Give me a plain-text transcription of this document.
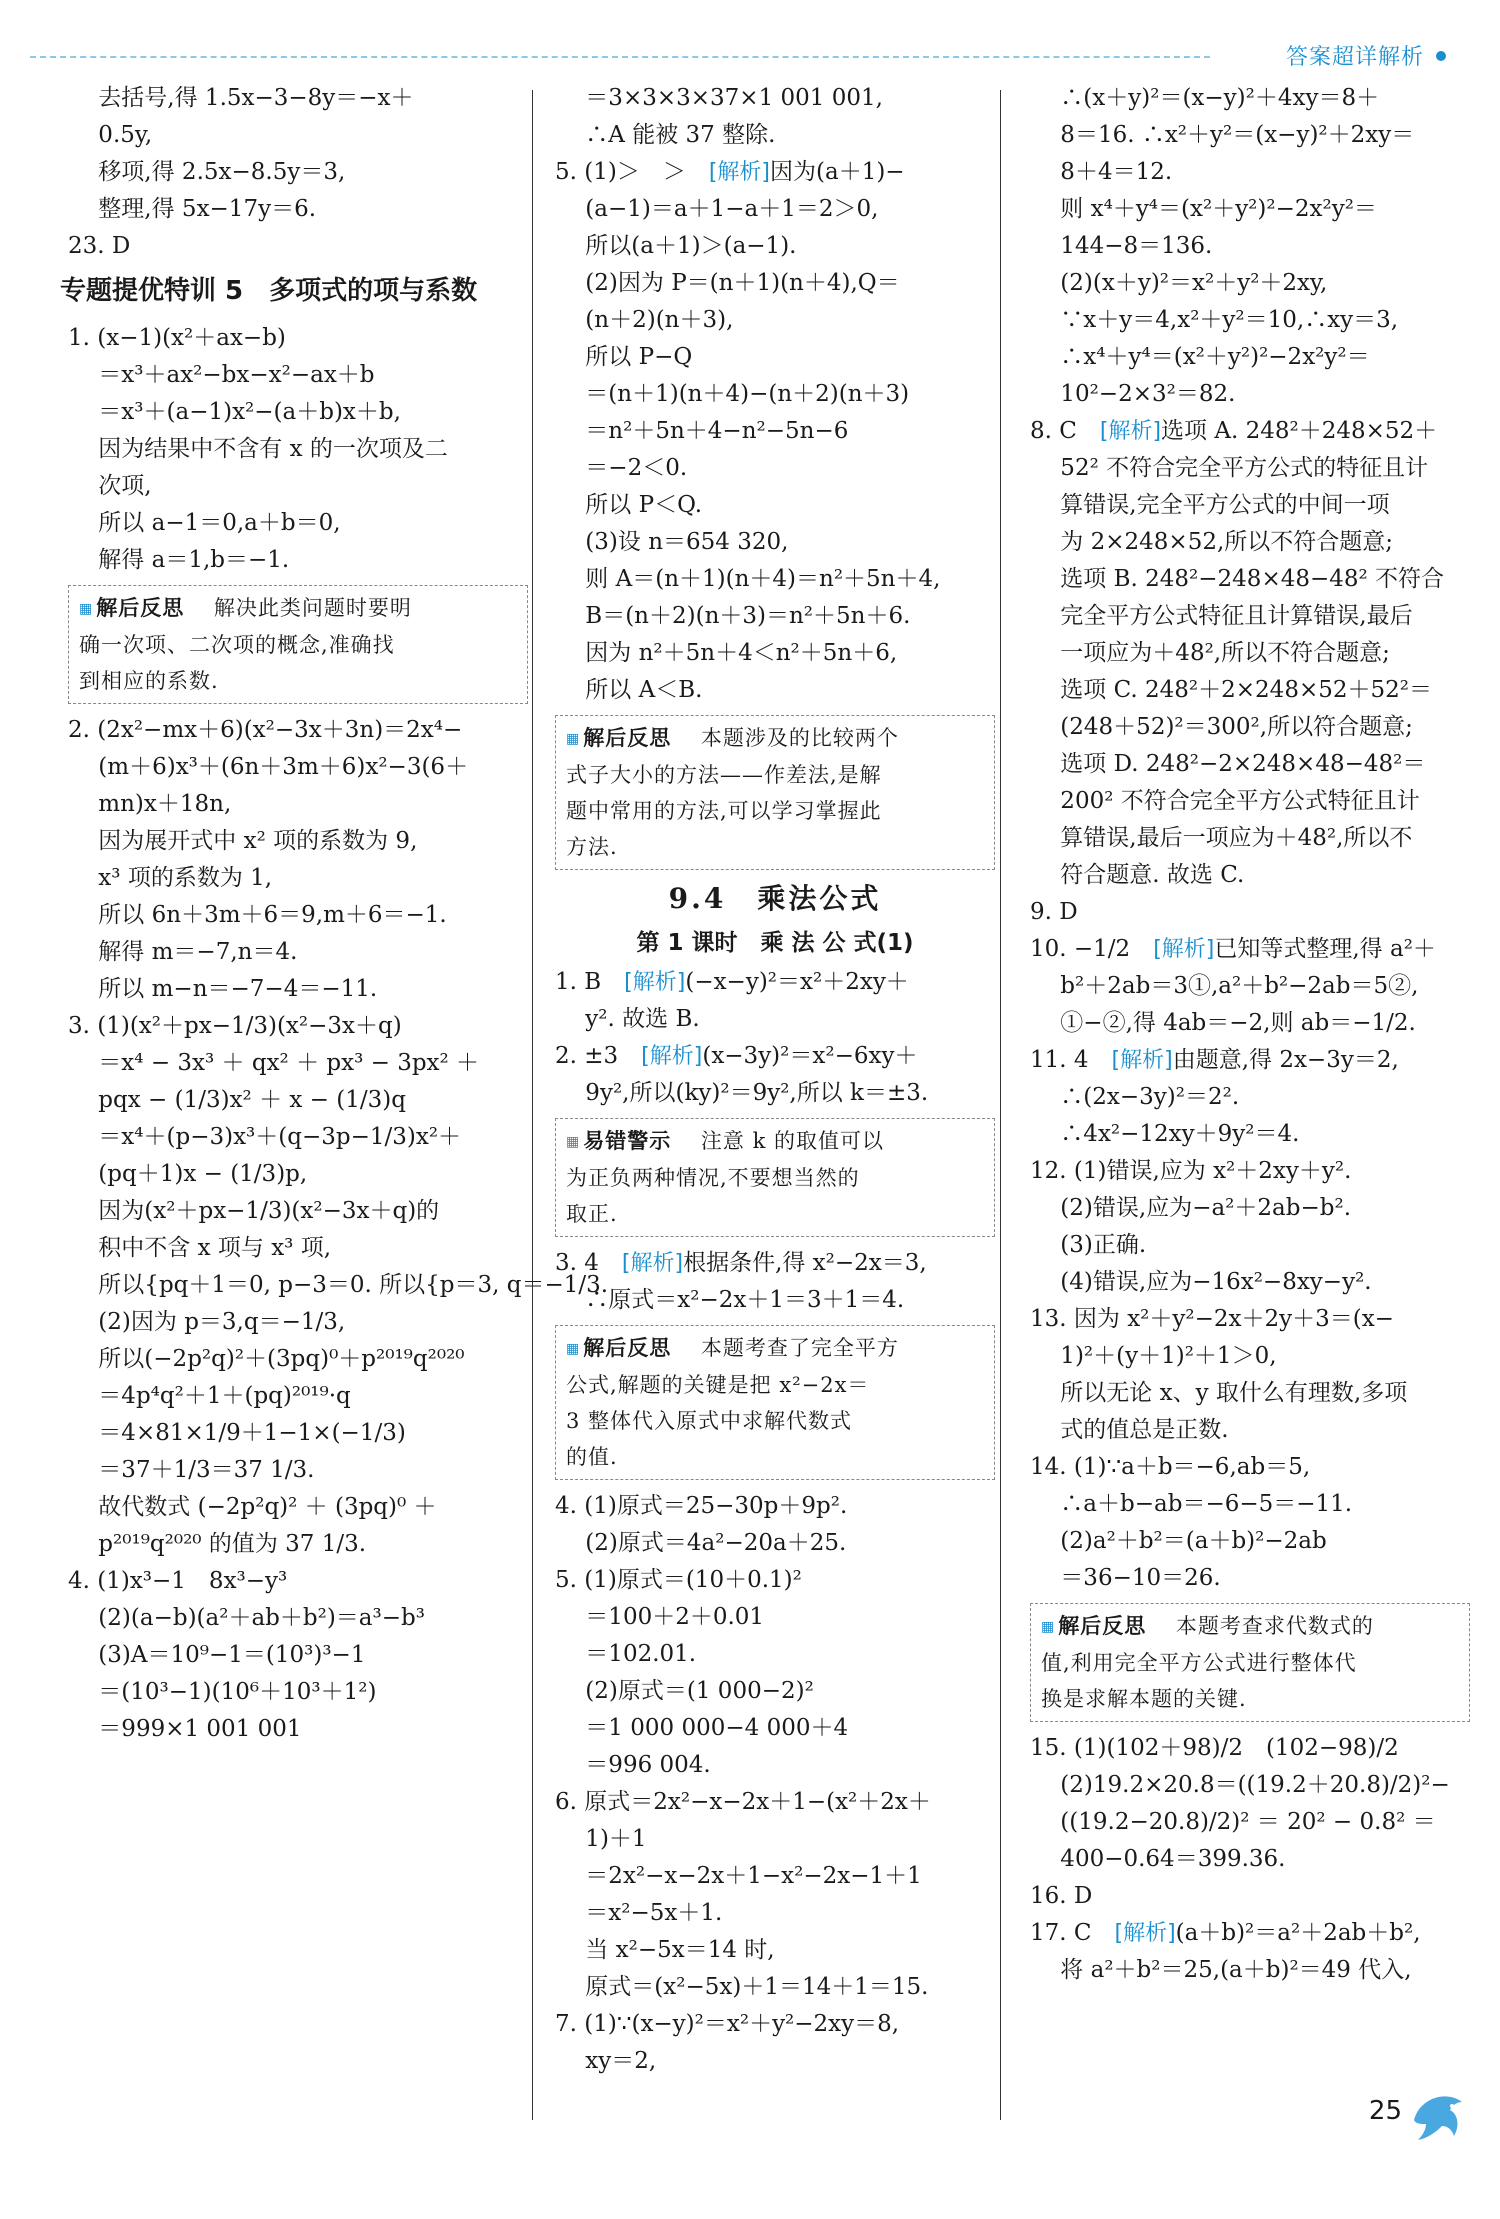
答案超详解析
　 去括号,得 1.5x−3−8y＝−x＋
　 0.5y,
　 移项,得 2.5x−8.5y＝3,
　 整理,得 5x−17y＝6.
23. D
专题提优特训 5　多项式的项与系数
1. (x−1)(x²＋ax−b)
　 ＝x³＋ax²−bx−x²−ax＋b
　 ＝x³＋(a−1)x²−(a＋b)x＋b,
　 因为结果中不含有 x 的一次项及二
　 次项,
　 所以 a−1＝0,a＋b＝0,
　 解得 a＝1,b＝−1.
▦ 解后反思 　解决此类问题时要明
确一次项、二次项的概念,准确找
到相应的系数.
2. (2x²−mx＋6)(x²−3x＋3n)＝2x⁴−
　 (m＋6)x³＋(6n＋3m＋6)x²−3(6＋
　 mn)x＋18n,
　 因为展开式中 x² 项的系数为 9,
　 x³ 项的系数为 1,
　 所以 6n＋3m＋6＝9,m＋6＝−1.
　 解得 m＝−7,n＝4.
　 所以 m−n＝−7−4＝−11.
3. (1)(x²＋px−1/3)(x²−3x＋q)
　 ＝x⁴ − 3x³ ＋ qx² ＋ px³ − 3px² ＋
　 pqx − (1/3)x² ＋ x − (1/3)q
　 ＝x⁴＋(p−3)x³＋(q−3p−1/3)x²＋
　 (pq＋1)x − (1/3)p,
　 因为(x²＋px−1/3)(x²−3x＋q)的
　 积中不含 x 项与 x³ 项,
　 所以{pq＋1＝0, p−3＝0. 所以{p＝3, q＝−1/3.
　 (2)因为 p＝3,q＝−1/3,
　 所以(−2p²q)²＋(3pq)⁰＋p²⁰¹⁹q²⁰²⁰
　 ＝4p⁴q²＋1＋(pq)²⁰¹⁹·q
　 ＝4×81×1/9＋1−1×(−1/3)
　 ＝37＋1/3＝37 1/3.
　 故代数式 (−2p²q)² ＋ (3pq)⁰ ＋
　 p²⁰¹⁹q²⁰²⁰ 的值为 37 1/3.
4. (1)x³−1　8x³−y³
　 (2)(a−b)(a²＋ab＋b²)＝a³−b³
　 (3)A＝10⁹−1＝(10³)³−1
　 ＝(10³−1)(10⁶＋10³＋1²)
　 ＝999×1 001 001
　 ＝3×3×3×37×1 001 001,
　 ∴A 能被 37 整除.
5. (1)＞　＞　[解析]因为(a＋1)−
　 (a−1)＝a＋1−a＋1＝2＞0,
　 所以(a＋1)＞(a−1).
　 (2)因为 P＝(n＋1)(n＋4),Q＝
　 (n＋2)(n＋3),
　 所以 P−Q
　 ＝(n＋1)(n＋4)−(n＋2)(n＋3)
　 ＝n²＋5n＋4−n²−5n−6
　 ＝−2＜0.
　 所以 P＜Q.
　 (3)设 n＝654 320,
　 则 A＝(n＋1)(n＋4)＝n²＋5n＋4,
　 B＝(n＋2)(n＋3)＝n²＋5n＋6.
　 因为 n²＋5n＋4＜n²＋5n＋6,
　 所以 A＜B.
▦ 解后反思 　本题涉及的比较两个
式子大小的方法——作差法,是解
题中常用的方法,可以学习掌握此
方法.
9.4　乘法公式
第 1 课时　乘 法 公 式(1)
1. B　[解析](−x−y)²＝x²＋2xy＋
　 y². 故选 B.
2. ±3　[解析](x−3y)²＝x²−6xy＋
　 9y²,所以(ky)²＝9y²,所以 k＝±3.
▦ 易错警示 　注意 k 的取值可以
为正负两种情况,不要想当然的
取正.
3. 4　[解析]根据条件,得 x²−2x＝3,
　 ∴原式＝x²−2x＋1＝3＋1＝4.
▦ 解后反思 　本题考查了完全平方
公式,解题的关键是把 x²−2x＝
3 整体代入原式中求解代数式
的值.
4. (1)原式＝25−30p＋9p².
　 (2)原式＝4a²−20a＋25.
5. (1)原式＝(10＋0.1)²
　 ＝100＋2＋0.01
　 ＝102.01.
　 (2)原式＝(1 000−2)²
　 ＝1 000 000−4 000＋4
　 ＝996 004.
6. 原式＝2x²−x−2x＋1−(x²＋2x＋
　 1)＋1
　 ＝2x²−x−2x＋1−x²−2x−1＋1
　 ＝x²−5x＋1.
　 当 x²−5x＝14 时,
　 原式＝(x²−5x)＋1＝14＋1＝15.
7. (1)∵(x−y)²＝x²＋y²−2xy＝8,
　 xy＝2,
　 ∴(x＋y)²＝(x−y)²＋4xy＝8＋
　 8＝16. ∴x²＋y²＝(x−y)²＋2xy＝
　 8＋4＝12.
　 则 x⁴＋y⁴＝(x²＋y²)²−2x²y²＝
　 144−8＝136.
　 (2)(x＋y)²＝x²＋y²＋2xy,
　 ∵x＋y＝4,x²＋y²＝10,∴xy＝3,
　 ∴x⁴＋y⁴＝(x²＋y²)²−2x²y²＝
　 10²−2×3²＝82.
8. C　[解析]选项 A. 248²＋248×52＋
　 52² 不符合完全平方公式的特征且计
　 算错误,完全平方公式的中间一项
　 为 2×248×52,所以不符合题意;
　 选项 B. 248²−248×48−48² 不符合
　 完全平方公式特征且计算错误,最后
　 一项应为＋48²,所以不符合题意;
　 选项 C. 248²＋2×248×52＋52²＝
　 (248＋52)²＝300²,所以符合题意;
　 选项 D. 248²−2×248×48−48²＝
　 200² 不符合完全平方公式特征且计
　 算错误,最后一项应为＋48²,所以不
　 符合题意. 故选 C.
9. D
10. −1/2　[解析]已知等式整理,得 a²＋
　 b²＋2ab＝3①,a²＋b²−2ab＝5②,
　 ①−②,得 4ab＝−2,则 ab＝−1/2.
11. 4　[解析]由题意,得 2x−3y＝2,
　 ∴(2x−3y)²＝2².
　 ∴4x²−12xy＋9y²＝4.
12. (1)错误,应为 x²＋2xy＋y².
　 (2)错误,应为−a²＋2ab−b².
　 (3)正确.
　 (4)错误,应为−16x²−8xy−y².
13. 因为 x²＋y²−2x＋2y＋3＝(x−
　 1)²＋(y＋1)²＋1＞0,
　 所以无论 x、y 取什么有理数,多项
　 式的值总是正数.
14. (1)∵a＋b＝−6,ab＝5,
　 ∴a＋b−ab＝−6−5＝−11.
　 (2)a²＋b²＝(a＋b)²−2ab
　 ＝36−10＝26.
▦ 解后反思 　本题考查求代数式的
值,利用完全平方公式进行整体代
换是求解本题的关键.
15. (1)(102＋98)/2　(102−98)/2
　 (2)19.2×20.8＝((19.2＋20.8)/2)²−
　 ((19.2−20.8)/2)² ＝ 20² − 0.8² ＝
　 400−0.64＝399.36.
16. D
17. C　[解析](a＋b)²＝a²＋2ab＋b²,
　 将 a²＋b²＝25,(a＋b)²＝49 代入,
25
